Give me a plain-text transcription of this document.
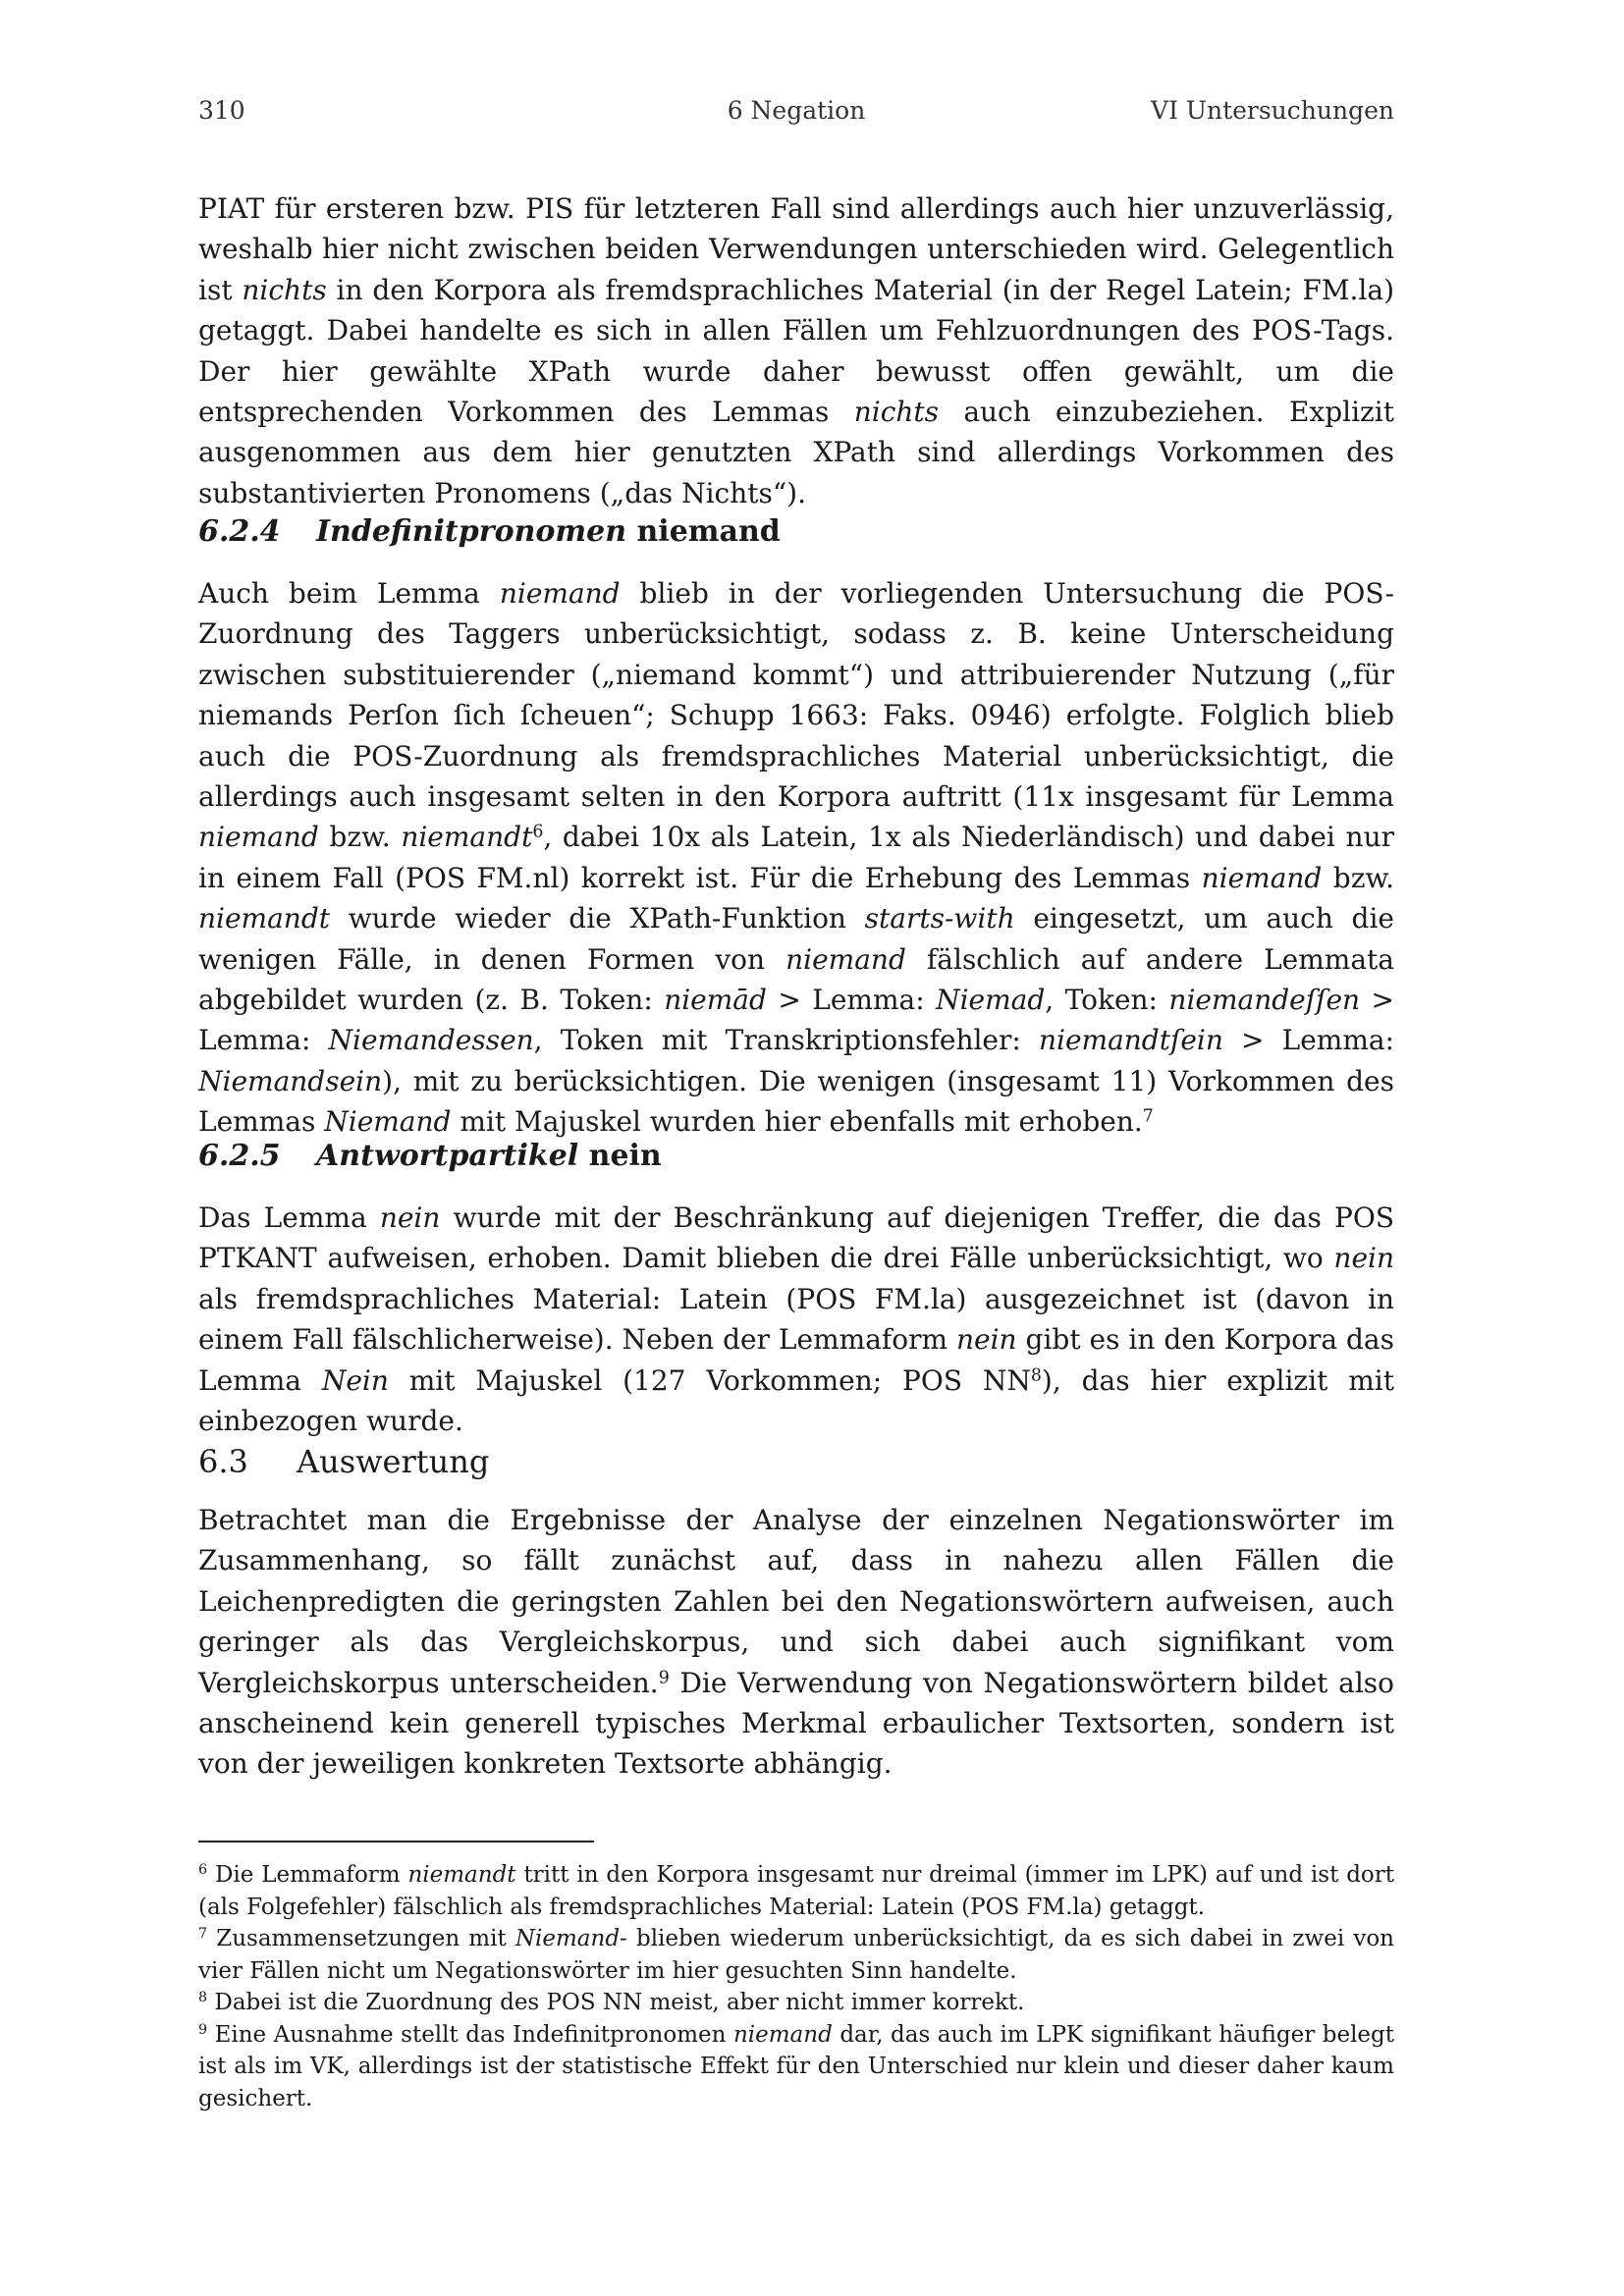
310	6 Negation	VI Untersuchungen

PIAT für ersteren bzw. PIS für letzteren Fall sind allerdings auch hier unzuverlässig, weshalb hier nicht zwischen beiden Verwendungen unterschieden wird. Gelegentlich ist nichts in den Korpora als fremdsprachliches Material (in der Regel Latein; FM.la) getaggt. Dabei handelte es sich in allen Fällen um Fehlzuordnungen des POS-Tags. Der hier gewählte XPath wurde daher bewusst offen gewählt, um die entsprechenden Vorkommen des Lemmas nichts auch einzubeziehen. Explizit ausgenommen aus dem hier genutzten XPath sind allerdings Vorkommen des substantivierten Pronomens („das Nichts“).

6.2.4 Indefinitpronomen niemand

Auch beim Lemma niemand blieb in der vorliegenden Untersuchung die POS-Zuordnung des Taggers unberücksichtigt, sodass z. B. keine Unterscheidung zwischen substituierender („niemand kommt“) und attribuierender Nutzung („für niemands Perſon ſich ſcheuen“; Schupp 1663: Faks. 0946) erfolgte. Folglich blieb auch die POS-Zuordnung als fremdsprachliches Material unberücksichtigt, die allerdings auch insgesamt selten in den Korpora auftritt (11x insgesamt für Lemma niemand bzw. niemandt$^6$, dabei 10x als Latein, 1x als Niederländisch) und dabei nur in einem Fall (POS FM.nl) korrekt ist. Für die Erhebung des Lemmas niemand bzw. niemandt wurde wieder die XPath-Funktion starts-with eingesetzt, um auch die wenigen Fälle, in denen Formen von niemand fälschlich auf andere Lemmata abgebildet wurden (z. B. Token: niemād > Lemma: Niemad, Token: niemandeſſen > Lemma: Niemandessen, Token mit Transkriptionsfehler: niemandtſein > Lemma: Niemandsein), mit zu berücksichtigen. Die wenigen (insgesamt 11) Vorkommen des Lemmas Niemand mit Majuskel wurden hier ebenfalls mit erhoben.$^7$

6.2.5 Antwortpartikel nein

Das Lemma nein wurde mit der Beschränkung auf diejenigen Treffer, die das POS PTKANT aufweisen, erhoben. Damit blieben die drei Fälle unberücksichtigt, wo nein als fremdsprachliches Material: Latein (POS FM.la) ausgezeichnet ist (davon in einem Fall fälschlicherweise). Neben der Lemmaform nein gibt es in den Korpora das Lemma Nein mit Majuskel (127 Vorkommen; POS $NN^8$), das hier explizit mit einbezogen wurde.

6.3 Auswertung

Betrachtet man die Ergebnisse der Analyse der einzelnen Negationswörter im Zusammenhang, so fällt zunächst auf, dass in nahezu allen Fällen die Leichenpredigten die geringsten Zahlen bei den Negationswörtern aufweisen, auch geringer als das Vergleichskorpus, und sich dabei auch signifikant vom Vergleichskorpus unterscheiden.$^9$ Die Verwendung von Negationswörtern bildet also anscheinend kein generell typisches Merkmal erbaulicher Textsorten, sondern ist von der jeweiligen konkreten Textsorte abhängig.

$^6$ Die Lemmaform niemandt tritt in den Korpora insgesamt nur dreimal (immer im LPK) auf und ist dort (als Folgefehler) fälschlich als fremdsprachliches Material: Latein (POS FM.la) getaggt.

$^7$ Zusammensetzungen mit Niemand- blieben wiederum unberücksichtigt, da es sich dabei in zwei von vier Fällen nicht um Negationswörter im hier gesuchten Sinn handelte.

$^8$ Dabei ist die Zuordnung des POS NN meist, aber nicht immer korrekt.

$^9$ Eine Ausnahme stellt das Indefinitpronomen niemand dar, das auch im LPK signifikant häufiger belegt ist als im VK, allerdings ist der statistische Effekt für den Unterschied nur klein und dieser daher kaum gesichert.
